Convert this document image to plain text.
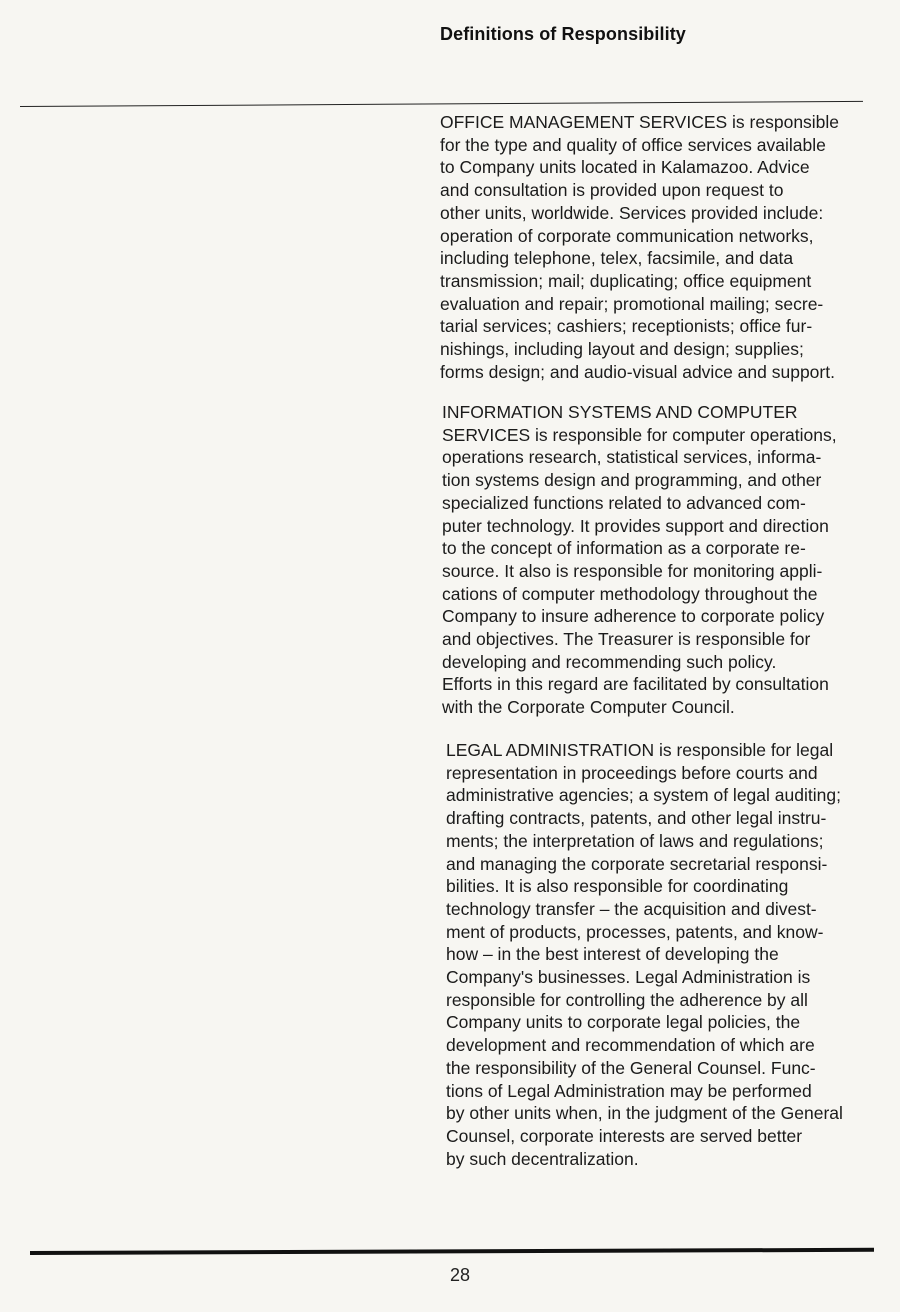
Definitions of Responsibility
OFFICE MANAGEMENT SERVICES is responsible
for the type and quality of office services available
to Company units located in Kalamazoo. Advice
and consultation is provided upon request to
other units, worldwide. Services provided include:
operation of corporate communication networks,
including telephone, telex, facsimile, and data
transmission; mail; duplicating; office equipment
evaluation and repair; promotional mailing; secre-
tarial services; cashiers; receptionists; office fur-
nishings, including layout and design; supplies;
forms design; and audio-visual advice and support.
INFORMATION SYSTEMS AND COMPUTER
SERVICES is responsible for computer operations,
operations research, statistical services, informa-
tion systems design and programming, and other
specialized functions related to advanced com-
puter technology. It provides support and direction
to the concept of information as a corporate re-
source. It also is responsible for monitoring appli-
cations of computer methodology throughout the
Company to insure adherence to corporate policy
and objectives. The Treasurer is responsible for
developing and recommending such policy.
Efforts in this regard are facilitated by consultation
with the Corporate Computer Council.
LEGAL ADMINISTRATION is responsible for legal
representation in proceedings before courts and
administrative agencies; a system of legal auditing;
drafting contracts, patents, and other legal instru-
ments; the interpretation of laws and regulations;
and managing the corporate secretarial responsi-
bilities. It is also responsible for coordinating
technology transfer – the acquisition and divest-
ment of products, processes, patents, and know-
how – in the best interest of developing the
Company's businesses. Legal Administration is
responsible for controlling the adherence by all
Company units to corporate legal policies, the
development and recommendation of which are
the responsibility of the General Counsel. Func-
tions of Legal Administration may be performed
by other units when, in the judgment of the General
Counsel, corporate interests are served better
by such decentralization.
28
